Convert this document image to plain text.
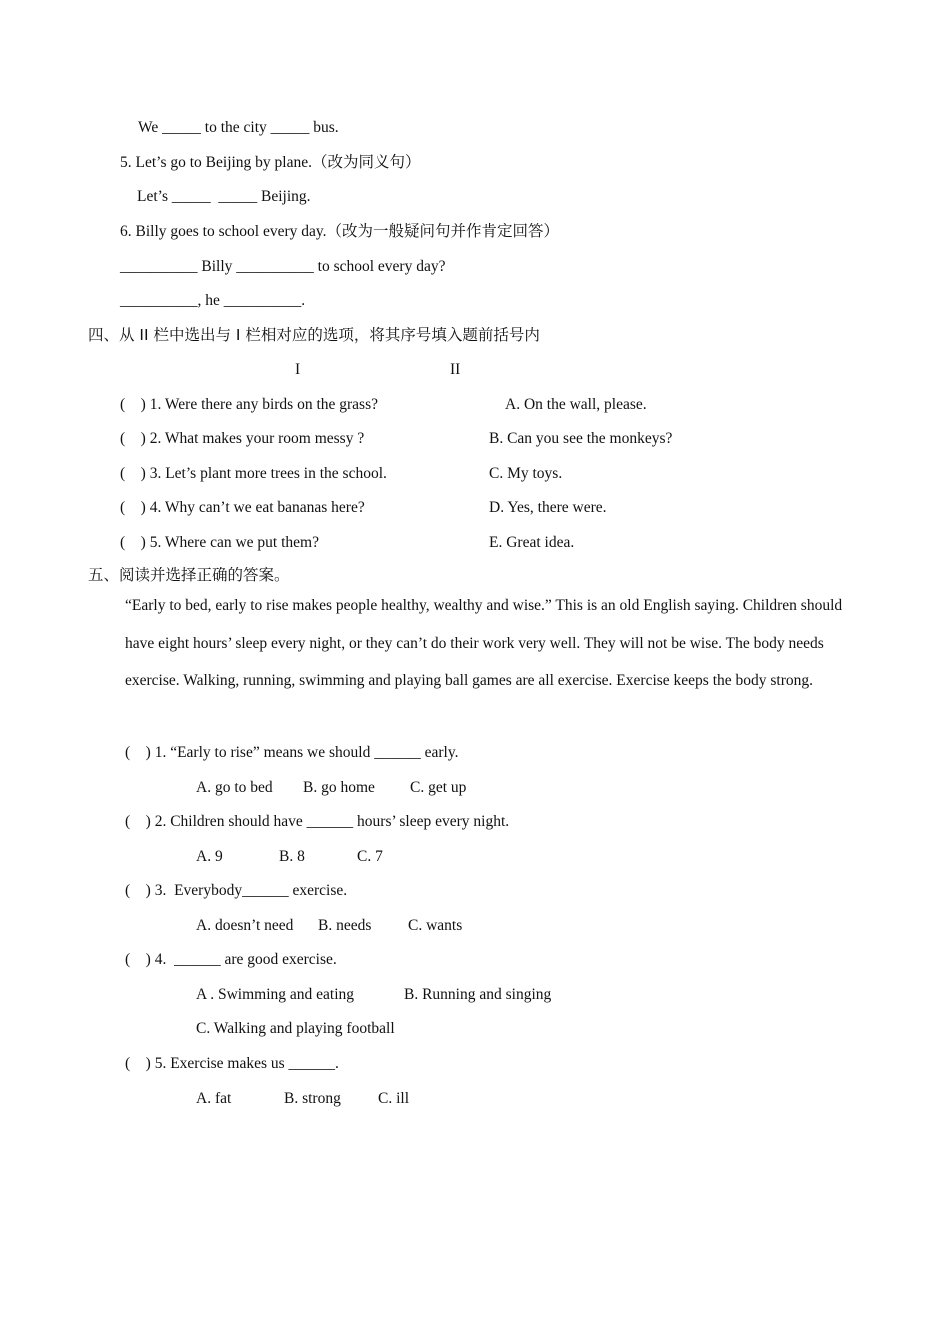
We _____ to the city _____ bus.
5. Let’s go to Beijing by plane.（改为同义句）
Let’s _____  _____ Beijing.
6. Billy goes to school every day.（改为一般疑问句并作肯定回答）
__________ Billy __________ to school every day?
__________, he __________.
四、从 II 栏中选出与 I 栏相对应的选项，将其序号填入题前括号内
I	II
(    ) 1. Were there any birds on the grass?	A. On the wall, please.
(    ) 2. What makes your room messy ?	B. Can you see the monkeys?
(    ) 3. Let’s plant more trees in the school.	C. My toys.
(    ) 4. Why can’t we eat bananas here?	D. Yes, there were.
(    ) 5. Where can we put them?	E. Great idea.
五、阅读并选择正确的答案。
“Early to bed, early to rise makes people healthy, wealthy and wise.” This is an old English saying. Children should have eight hours’ sleep every night, or they can’t do their work very well. They will not be wise. The body needs exercise. Walking, running, swimming and playing ball games are all exercise. Exercise keeps the body strong.
(    ) 1. “Early to rise” means we should ______ early.
A. go to bed B. go home C. get up
(    ) 2. Children should have ______ hours’ sleep every night.
A. 9	B. 8	C. 7
(    ) 3.  Everybody______ exercise.
A. doesn’t need B. needs C. wants
(    ) 4.  ______ are good exercise.
A . Swimming and eating	B. Running and singing
C. Walking and playing football
(    ) 5. Exercise makes us ______.
A. fat	B. strong C. ill
